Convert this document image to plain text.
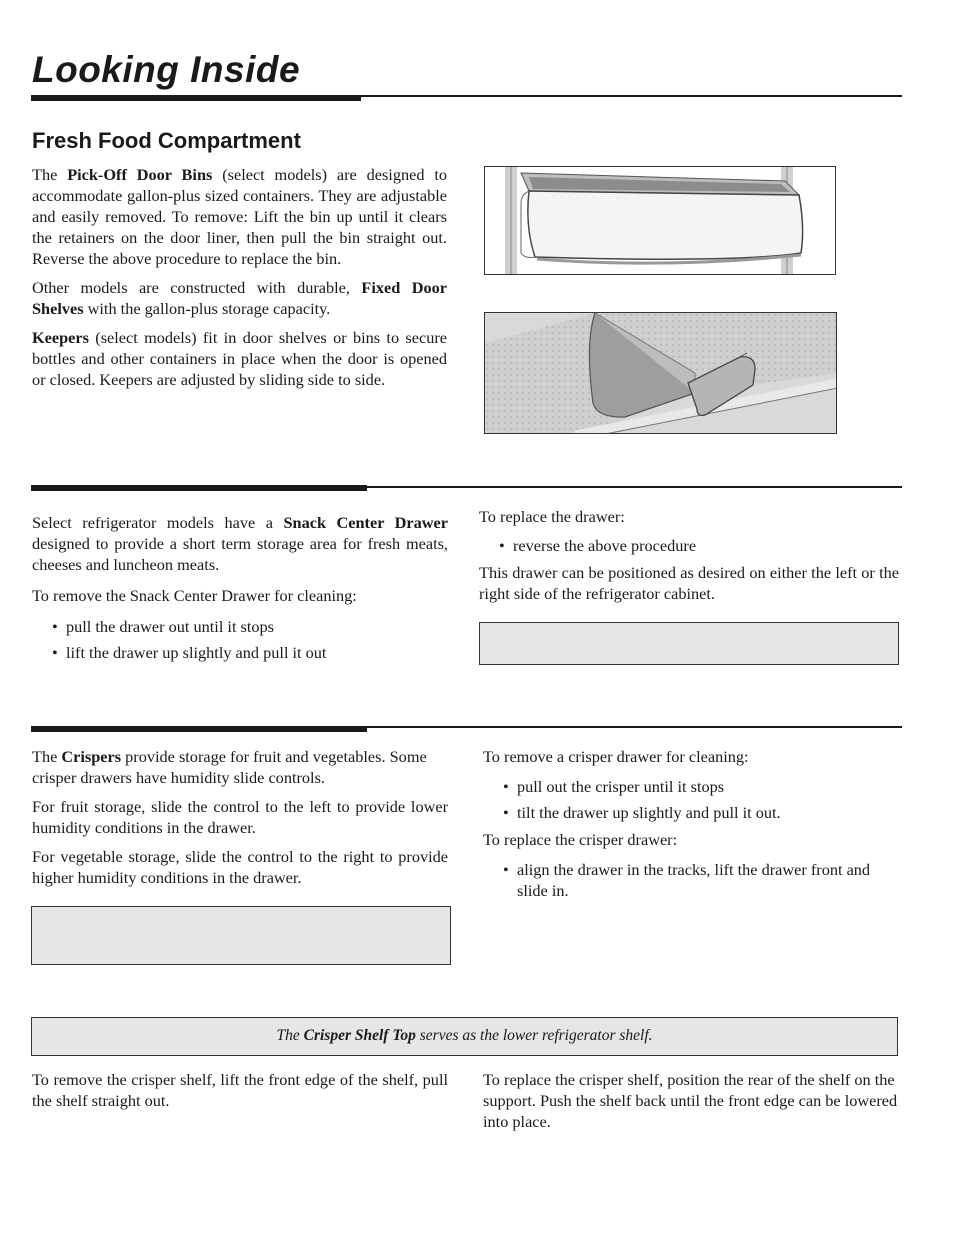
Looking Inside
Fresh Food Compartment

The Pick-Off Door Bins (select models) are designed to accommodate gallon-plus sized containers. They are adjustable and easily removed. To remove: Lift the bin up until it clears the retainers on the door liner, then pull the bin straight out. Reverse the above procedure to replace the bin.

Other models are constructed with durable, Fixed Door Shelves with the gallon-plus storage capacity.

Keepers (select models) fit in door shelves or bins to secure bottles and other containers in place when the door is opened or closed. Keepers are adjusted by sliding side to side.

Select refrigerator models have a Snack Center Drawer designed to provide a short term storage area for fresh meats, cheeses and luncheon meats.

To remove the Snack Center Drawer for cleaning:

• pull the drawer out until it stops
• lift the drawer up slightly and pull it out

To replace the drawer:

• reverse the above procedure

This drawer can be positioned as desired on either the left or the right side of the refrigerator cabinet.

The Crispers provide storage for fruit and vegetables. Some crisper drawers have humidity slide controls.

For fruit storage, slide the control to the left to provide lower humidity conditions in the drawer.

For vegetable storage, slide the control to the right to provide higher humidity conditions in the drawer.

To remove a crisper drawer for cleaning:

• pull out the crisper until it stops
• tilt the drawer up slightly and pull it out.

To replace the crisper drawer:

• align the drawer in the tracks, lift the drawer front and slide in.
The Crisper Shelf Top serves as the lower refrigerator shelf.
To remove the crisper shelf, lift the front edge of the shelf, pull the shelf straight out.
To replace the crisper shelf, position the rear of the shelf on the support. Push the shelf back until the front edge can be lowered into place.
